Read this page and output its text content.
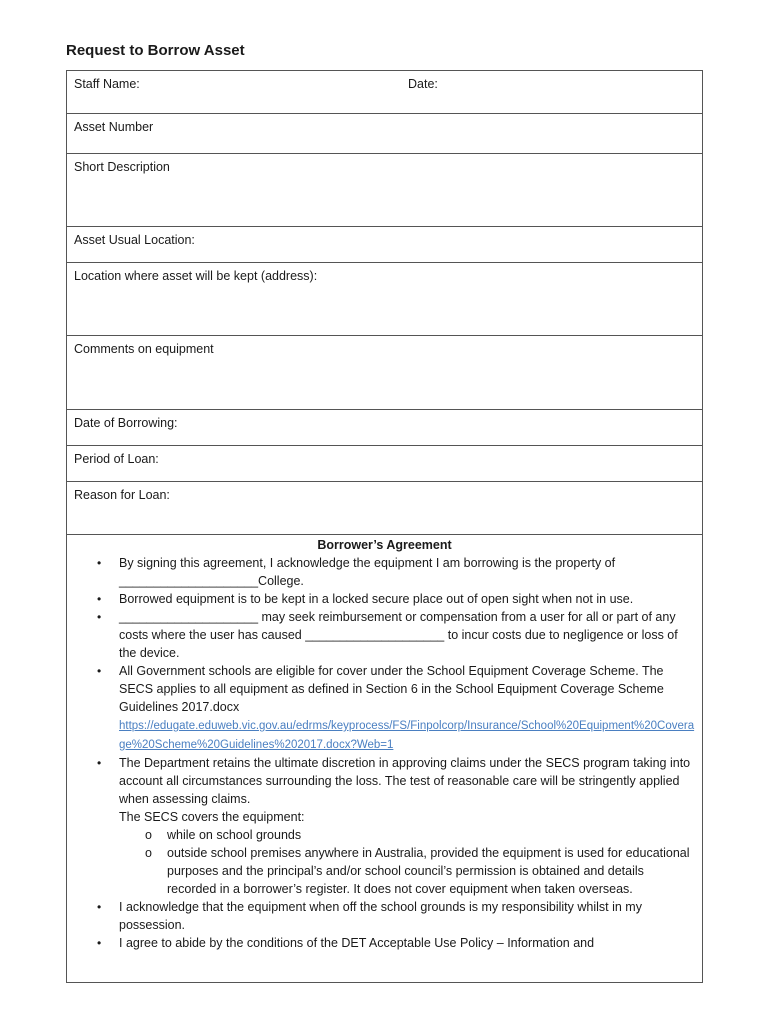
Request to Borrow Asset
Staff Name:	Date:

Asset Number
Short Description
Asset Usual Location:
Location where asset will be kept (address):
Comments on equipment
Date of Borrowing:
Period of Loan:
Reason for Loan:

Borrower’s Agreement
• By signing this agreement, I acknowledge the equipment I am borrowing is the property of ____________________College.
• Borrowed equipment is to be kept in a locked secure place out of open sight when not in use.
• ____________________ may seek reimbursement or compensation from a user for all or part of any costs where the user has caused ____________________ to incur costs due to negligence or loss of the device.
• All Government schools are eligible for cover under the School Equipment Coverage Scheme. The SECS applies to all equipment as defined in Section 6 in the School Equipment Coverage Scheme Guidelines 2017.docx
https://edugate.eduweb.vic.gov.au/edrms/keyprocess/FS/Finpolcorp/Insurance/School%20Equipment%20Coverage%20Scheme%20Guidelines%202017.docx?Web=1
• The Department retains the ultimate discretion in approving claims under the SECS program taking into account all circumstances surrounding the loss. The test of reasonable care will be stringently applied when assessing claims.
The SECS covers the equipment:
o while on school grounds
o outside school premises anywhere in Australia, provided the equipment is used for educational purposes and the principal’s and/or school council’s permission is obtained and details recorded in a borrower’s register. It does not cover equipment when taken overseas.
• I acknowledge that the equipment when off the school grounds is my responsibility whilst in my possession.
• I agree to abide by the conditions of the DET Acceptable Use Policy – Information and
